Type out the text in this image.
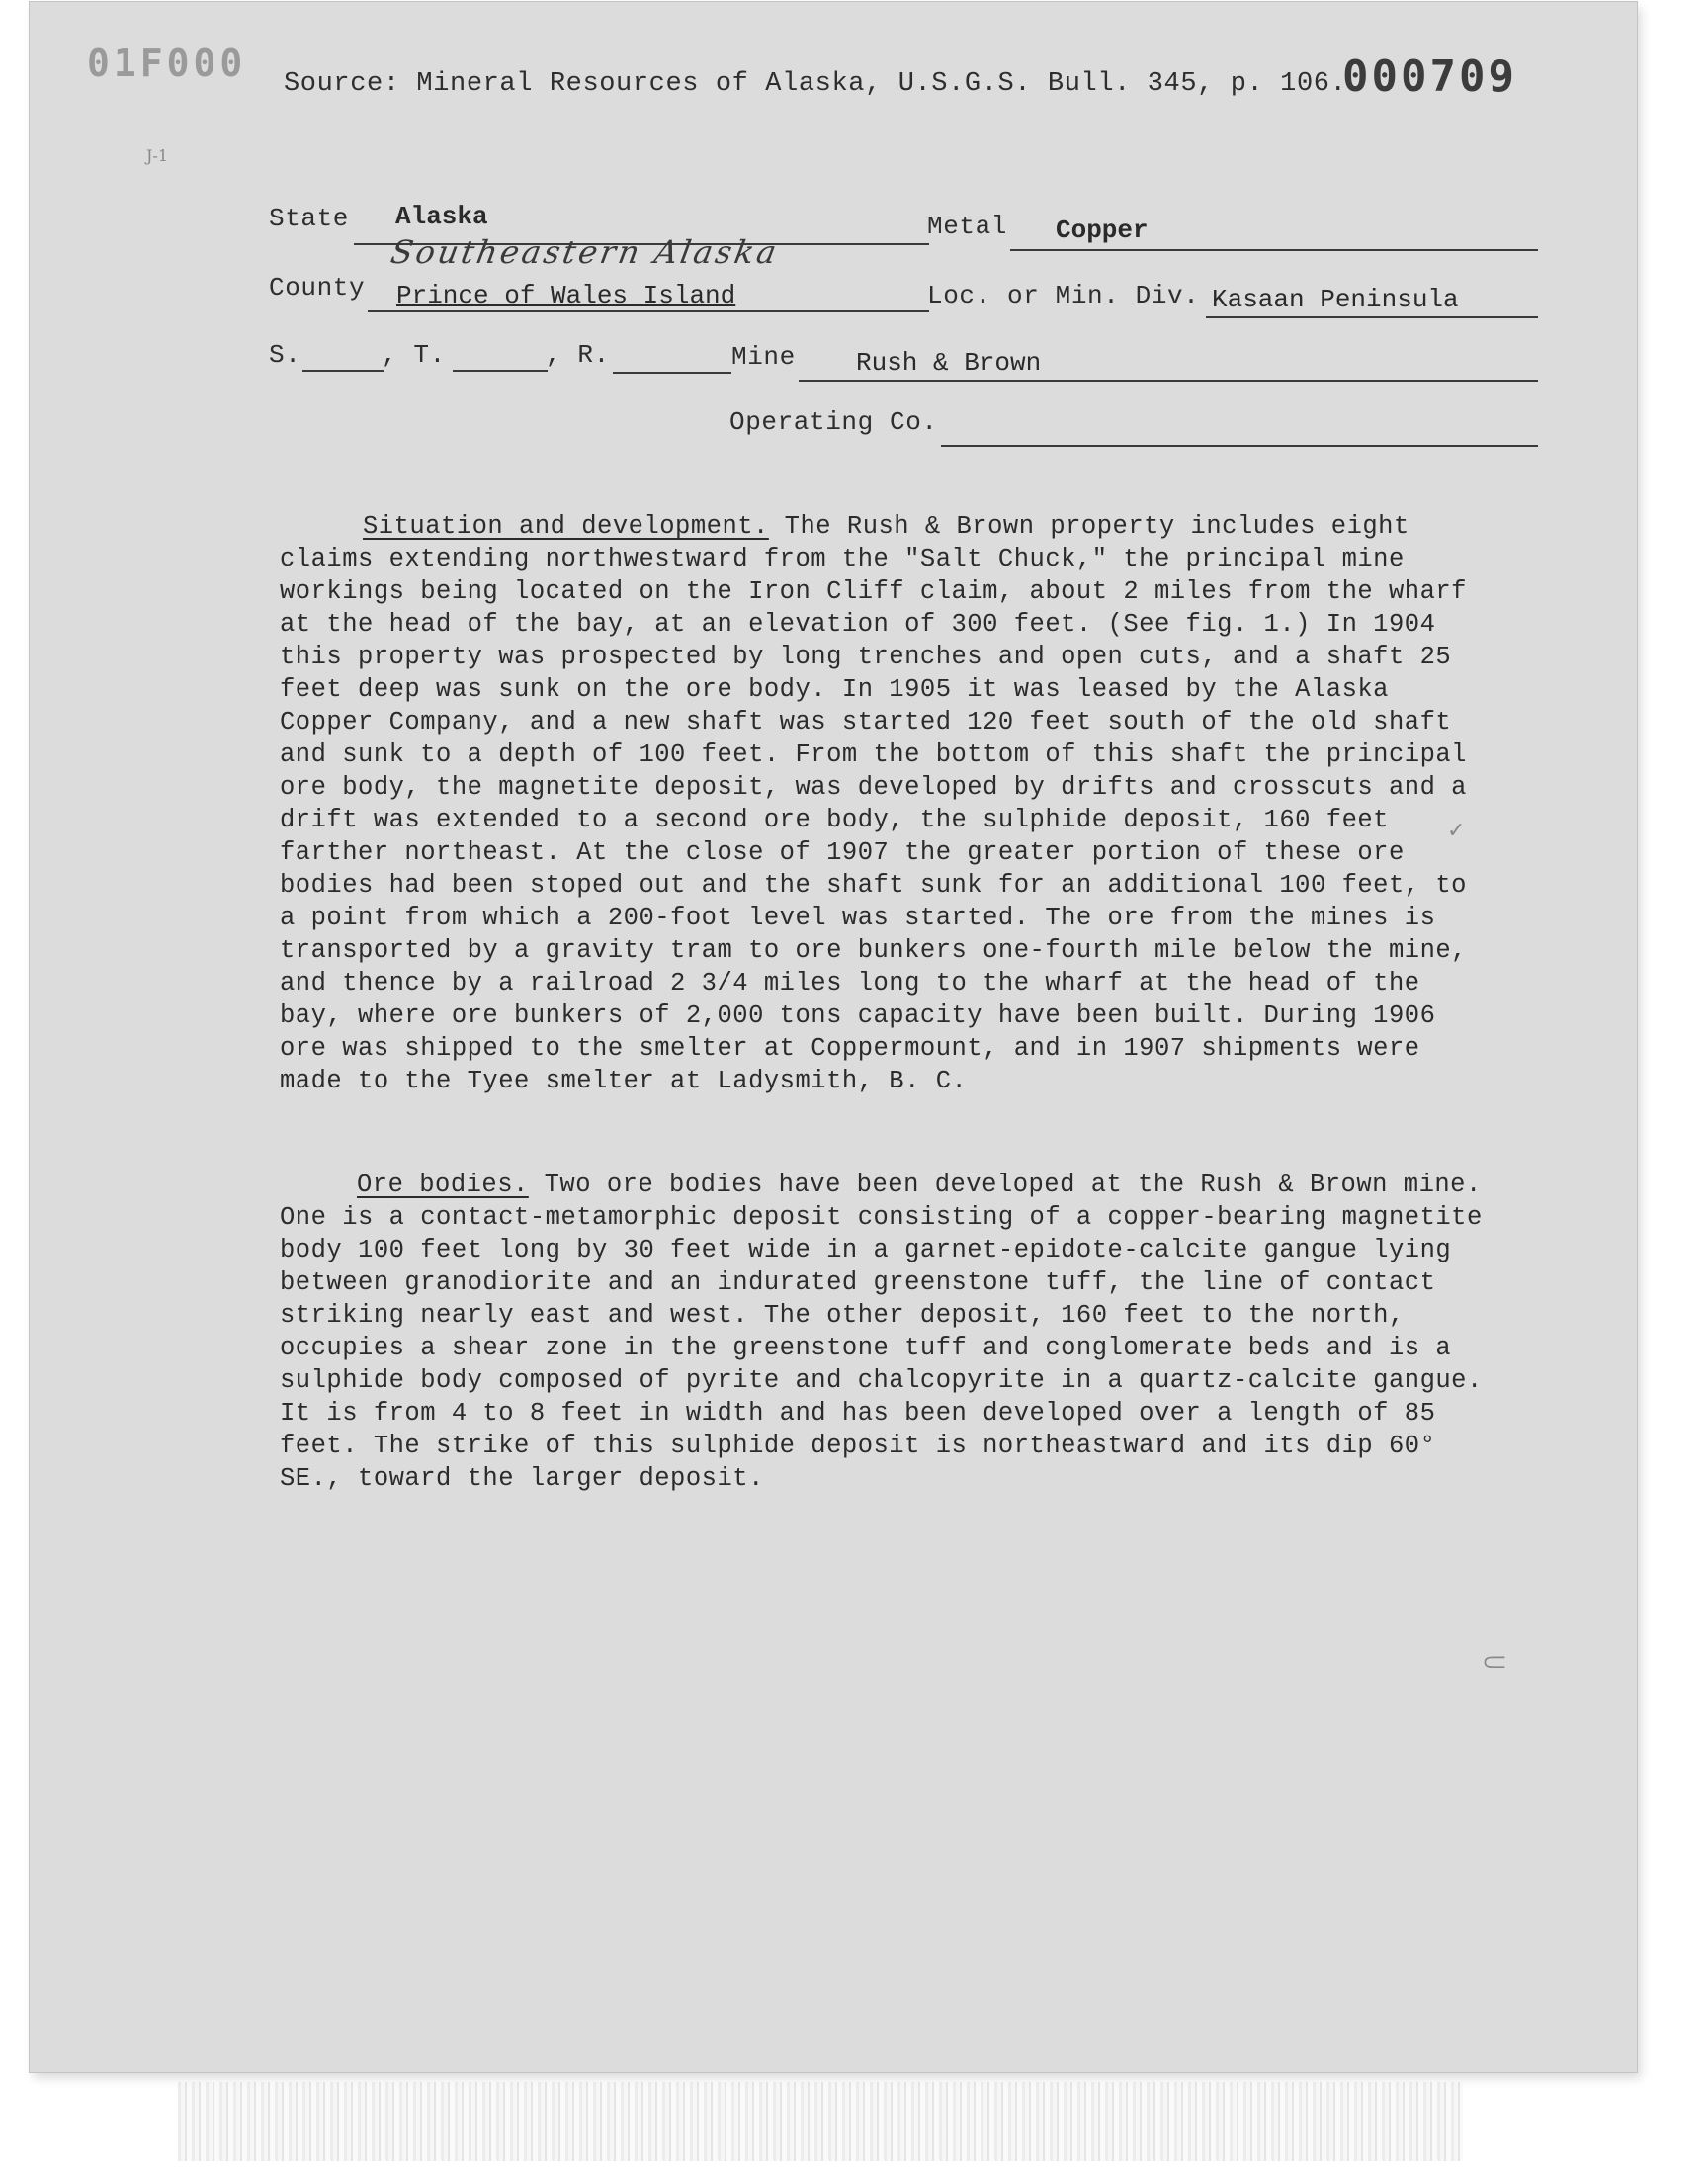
01F000 Source: Mineral Resources of Alaska, U.S.G.S. Bull. 345, p. 106.
000709
J-1
State Alaska	Metal Copper
Southeastern Alaska
County Prince of Wales Island	Loc. or Min. Div. Kasaan Peninsula
S.	, T.	, R.	Mine Rush & Brown
Operating Co.

Situation and development. The Rush & Brown property includes eight claims extending northwestward from the "Salt Chuck," the principal mine workings being located on the Iron Cliff claim, about 2 miles from the wharf at the head of the bay, at an elevation of 300 feet. (See fig. 1.) In 1904 this property was prospected by long trenches and open cuts, and a shaft 25 feet deep was sunk on the ore body. In 1905 it was leased by the Alaska Copper Company, and a new shaft was started 120 feet south of the old shaft and sunk to a depth of 100 feet. From the bottom of this shaft the principal ore body, the magnetite deposit, was developed by drifts and crosscuts and a drift was extended to a second ore body, the sulphide deposit, 160 feet farther northeast. At the close of 1907 the greater portion of these ore bodies had been stoped out and the shaft sunk for an additional 100 feet, to a point from which a 200-foot level was started. The ore from the mines is transported by a gravity tram to ore bunkers one-fourth mile below the mine, and thence by a railroad 2 3/4 miles long to the wharf at the head of the bay, where ore bunkers of 2,000 tons capacity have been built. During 1906 ore was shipped to the smelter at Coppermount, and in 1907 shipments were made to the Tyee smelter at Ladysmith, B. C.

Ore bodies. Two ore bodies have been developed at the Rush & Brown mine. One is a contact-metamorphic deposit consisting of a copper-bearing magnetite body 100 feet long by 30 feet wide in a garnet-epidote-calcite gangue lying between granodiorite and an indurated greenstone tuff, the line of contact striking nearly east and west. The other deposit, 160 feet to the north, occupies a shear zone in the greenstone tuff and conglomerate beds and is a sulphide body composed of pyrite and chalcopyrite in a quartz-calcite gangue. It is from 4 to 8 feet in width and has been developed over a length of 85 feet. The strike of this sulphide deposit is northeastward and its dip 60° SE., toward the larger deposit.

✓
⸦
